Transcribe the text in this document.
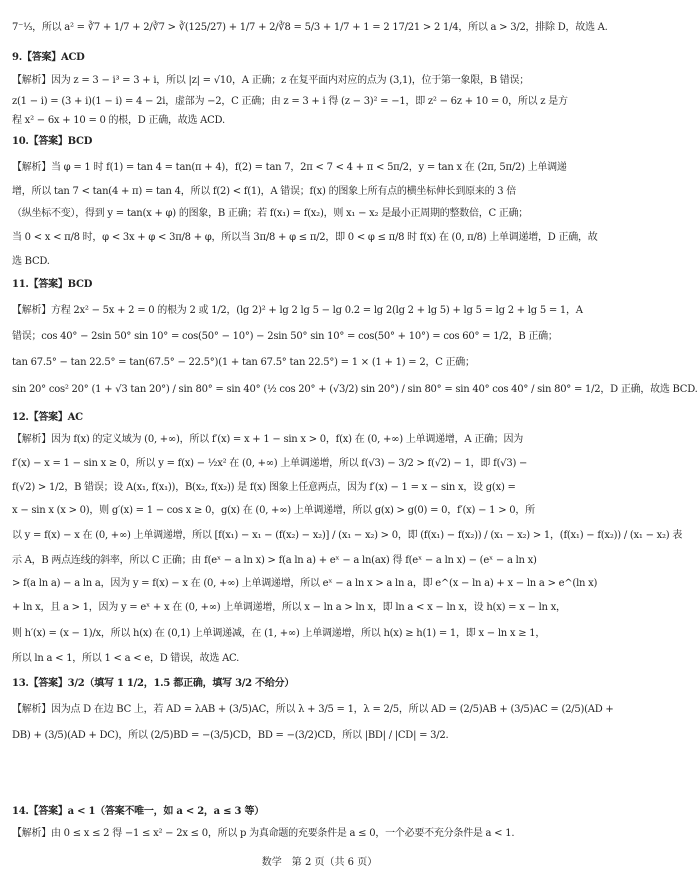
7⁻¹⁄₃，所以 a² = ∛7 + 1/7 + 2/∛7 > ∛(125/27) + 1/7 + 2/∛8 = 5/3 + 1/7 + 1 = 2 17/21 > 2 1/4，所以 a > 3/2，排除 D，故选 A.
9.【答案】ACD
【解析】因为 z = 3 − i³ = 3 + i，所以 |z| = √10，A 正确；z 在复平面内对应的点为 (3,1)，位于第一象限，B 错误；
z(1 − i) = (3 + i)(1 − i) = 4 − 2i，虚部为 −2，C 正确；由 z = 3 + i 得 (z − 3)² = −1，即 z² − 6z + 10 = 0，所以 z 是方
程 x² − 6x + 10 = 0 的根，D 正确，故选 ACD.
10.【答案】BCD
【解析】当 φ = 1 时 f(1) = tan 4 = tan(π + 4)，f(2) = tan 7，2π < 7 < 4 + π < 5π/2，y = tan x 在 (2π, 5π/2) 上单调递
增，所以 tan 7 < tan(4 + π) = tan 4，所以 f(2) < f(1)，A 错误；f(x) 的图象上所有点的横坐标伸长到原来的 3 倍
（纵坐标不变），得到 y = tan(x + φ) 的图象，B 正确；若 f(x₁) = f(x₂)，则 x₁ − x₂ 是最小正周期的整数倍，C 正确；
当 0 < x < π/8 时，φ < 3x + φ < 3π/8 + φ，所以当 3π/8 + φ ≤ π/2，即 0 < φ ≤ π/8 时 f(x) 在 (0, π/8) 上单调递增，D 正确，故
选 BCD.
11.【答案】BCD
【解析】方程 2x² − 5x + 2 = 0 的根为 2 或 1/2，(lg 2)² + lg 2 lg 5 − lg 0.2 = lg 2(lg 2 + lg 5) + lg 5 = lg 2 + lg 5 = 1，A
错误；cos 40° − 2sin 50° sin 10° = cos(50° − 10°) − 2sin 50° sin 10° = cos(50° + 10°) = cos 60° = 1/2，B 正确；
tan 67.5° − tan 22.5° = tan(67.5° − 22.5°)(1 + tan 67.5° tan 22.5°) = 1 × (1 + 1) = 2，C 正确；
sin 20° cos² 20° (1 + √3 tan 20°) / sin 80° = sin 40° (½ cos 20° + (√3/2) sin 20°) / sin 80° = sin 40° cos 40° / sin 80° = 1/2，D 正确，故选 BCD.
12.【答案】AC
【解析】因为 f(x) 的定义域为 (0, +∞)，所以 f′(x) = x + 1 − sin x > 0，f(x) 在 (0, +∞) 上单调递增，A 正确；因为
f′(x) − x = 1 − sin x ≥ 0，所以 y = f(x) − ½x² 在 (0, +∞) 上单调递增，所以 f(√3) − 3/2 > f(√2) − 1，即 f(√3) −
f(√2) > 1/2，B 错误；设 A(x₁, f(x₁))，B(x₂, f(x₂)) 是 f(x) 图象上任意两点，因为 f′(x) − 1 = x − sin x，设 g(x) =
x − sin x (x > 0)，则 g′(x) = 1 − cos x ≥ 0，g(x) 在 (0, +∞) 上单调递增，所以 g(x) > g(0) = 0，f′(x) − 1 > 0，所
以 y = f(x) − x 在 (0, +∞) 上单调递增，所以 [f(x₁) − x₁ − (f(x₂) − x₂)] / (x₁ − x₂) > 0，即 (f(x₁) − f(x₂)) / (x₁ − x₂) > 1，(f(x₁) − f(x₂)) / (x₁ − x₂) 表
示 A，B 两点连线的斜率，所以 C 正确；由 f(eˣ − a ln x) > f(a ln a) + eˣ − a ln(ax) 得 f(eˣ − a ln x) − (eˣ − a ln x)
> f(a ln a) − a ln a，因为 y = f(x) − x 在 (0, +∞) 上单调递增，所以 eˣ − a ln x > a ln a，即 e^(x − ln a) + x − ln a > e^(ln x)
+ ln x，且 a > 1，因为 y = eˣ + x 在 (0, +∞) 上单调递增，所以 x − ln a > ln x，即 ln a < x − ln x，设 h(x) = x − ln x，
则 h′(x) = (x − 1)/x，所以 h(x) 在 (0,1) 上单调递减，在 (1, +∞) 上单调递增，所以 h(x) ≥ h(1) = 1，即 x − ln x ≥ 1，
所以 ln a < 1，所以 1 < a < e，D 错误，故选 AC.
13.【答案】3/2（填写 1 1/2，1.5 都正确，填写 3/2 不给分）
【解析】因为点 D 在边 BC 上，若 AD = λAB + (3/5)AC，所以 λ + 3/5 = 1，λ = 2/5，所以 AD = (2/5)AB + (3/5)AC = (2/5)(AD +
DB) + (3/5)(AD + DC)，所以 (2/5)BD = −(3/5)CD，BD = −(3/2)CD，所以 |BD| / |CD| = 3/2.
14.【答案】a < 1（答案不唯一，如 a < 2，a ≤ 3 等）
【解析】由 0 ≤ x ≤ 2 得 −1 ≤ x² − 2x ≤ 0，所以 p 为真命题的充要条件是 a ≤ 0，一个必要不充分条件是 a < 1.
数学　第 2 页（共 6 页）
